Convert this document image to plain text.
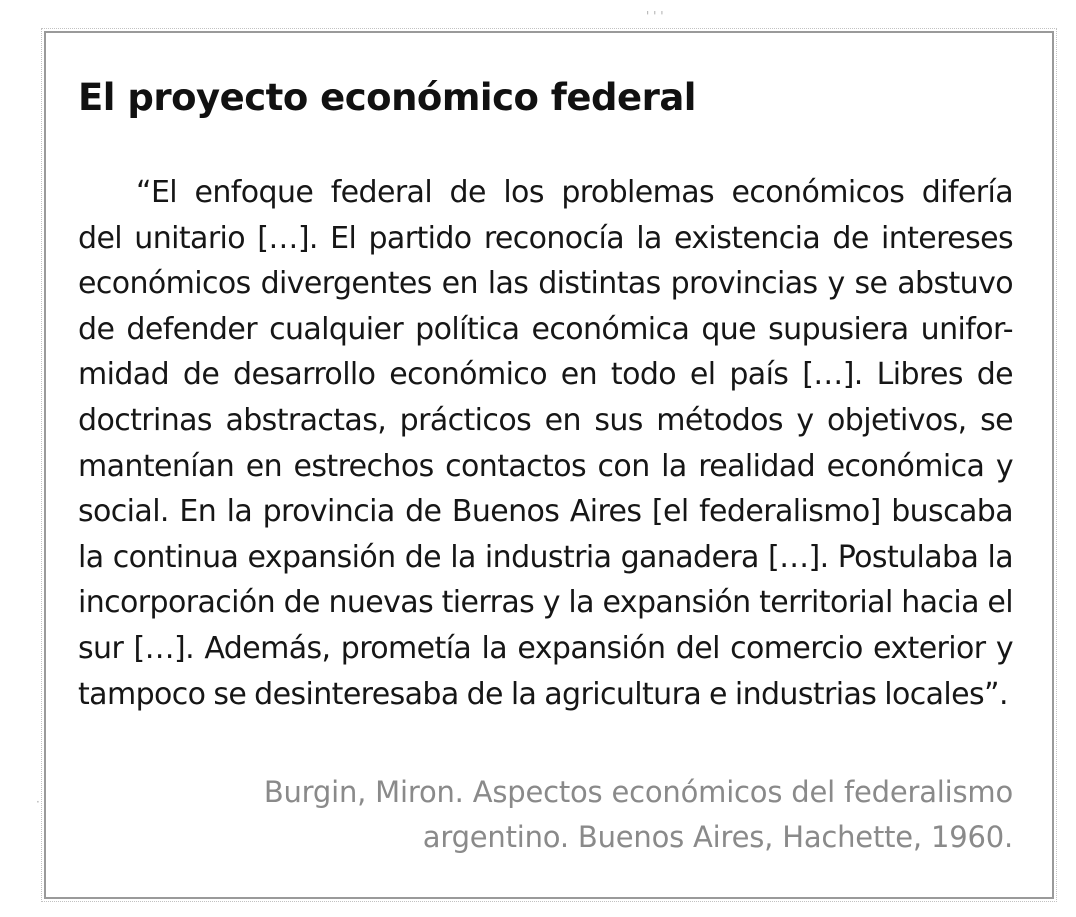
' ' '
·
El proyecto económico federal
“El enfoque federal de los problemas económicos difería
del unitario […]. El partido reconocía la existencia de intereses
económicos divergentes en las distintas provincias y se abstuvo
de defender cualquier política económica que supusiera unifor-
midad de desarrollo económico en todo el país […]. Libres de
doctrinas abstractas, prácticos en sus métodos y objetivos, se
mantenían en estrechos contactos con la realidad económica y
social. En la provincia de Buenos Aires [el federalismo] buscaba
la continua expansión de la industria ganadera […]. Postulaba la
incorporación de nuevas tierras y la expansión territorial hacia el
sur […]. Además, prometía la expansión del comercio exterior y
tampoco se desinteresaba de la agricultura e industrias locales”.
Burgin, Miron. Aspectos económicos del federalismo
argentino. Buenos Aires, Hachette, 1960.
